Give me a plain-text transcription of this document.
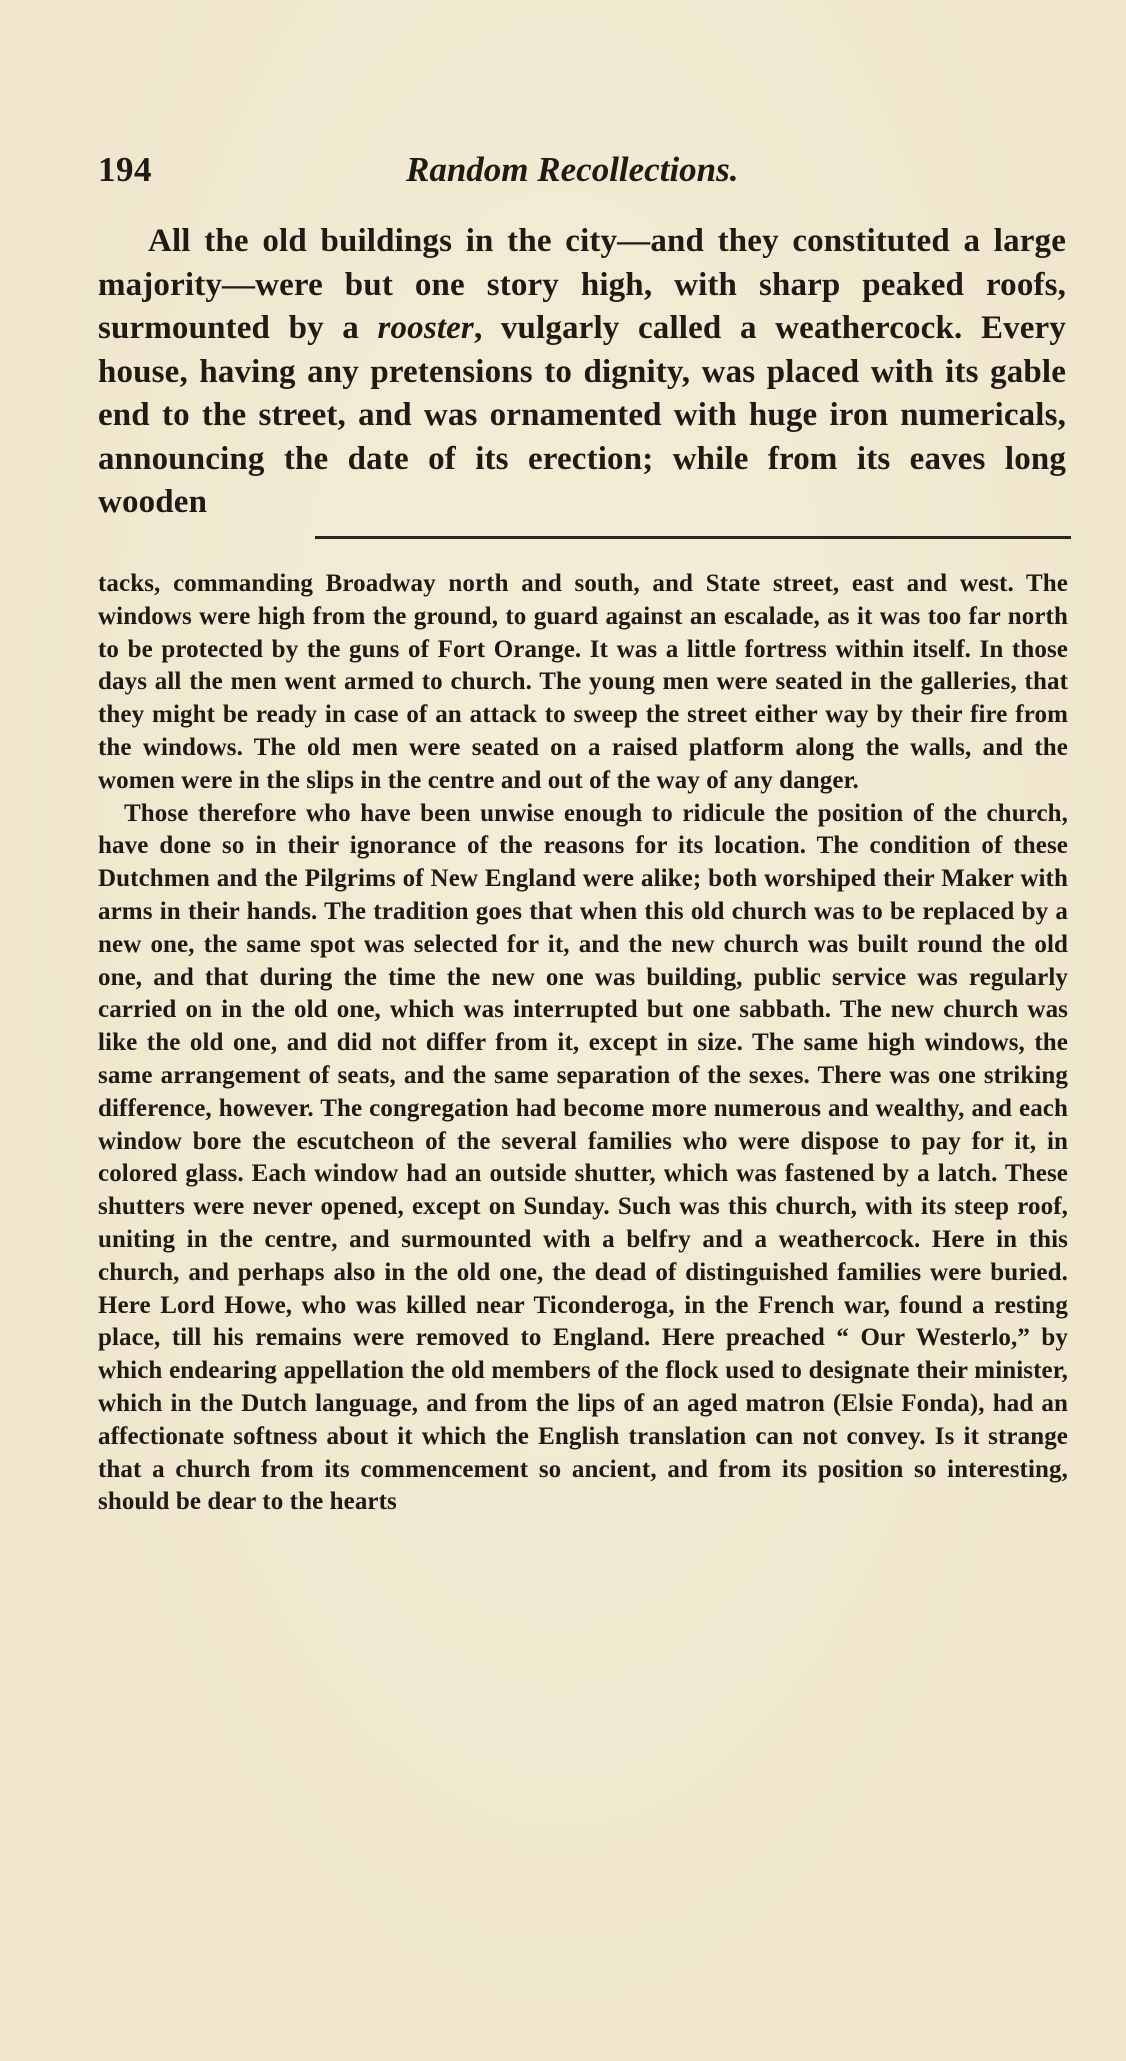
194	Random Recollections.

All the old buildings in the city—and they constituted a large majority—were but one story high, with sharp peaked roofs, surmounted by a rooster, vulgarly called a weathercock. Every house, having any pretensions to dignity, was placed with its gable end to the street, and was ornamented with huge iron numericals, announcing the date of its erection; while from its eaves long wooden

tacks, commanding Broadway north and south, and State street, east and west. The windows were high from the ground, to guard against an escalade, as it was too far north to be protected by the guns of Fort Orange. It was a little fortress within itself. In those days all the men went armed to church. The young men were seated in the galleries, that they might be ready in case of an attack to sweep the street either way by their fire from the windows. The old men were seated on a raised platform along the walls, and the women were in the slips in the centre and out of the way of any danger.

Those therefore who have been unwise enough to ridicule the position of the church, have done so in their ignorance of the reasons for its location. The condition of these Dutchmen and the Pilgrims of New England were alike; both worshiped their Maker with arms in their hands. The tradition goes that when this old church was to be replaced by a new one, the same spot was selected for it, and the new church was built round the old one, and that during the time the new one was building, public service was regularly carried on in the old one, which was interrupted but one sabbath. The new church was like the old one, and did not differ from it, except in size. The same high windows, the same arrangement of seats, and the same separation of the sexes. There was one striking difference, however. The congregation had become more numerous and wealthy, and each window bore the escutcheon of the several families who were dispose to pay for it, in colored glass. Each window had an outside shutter, which was fastened by a latch. These shutters were never opened, except on Sunday. Such was this church, with its steep roof, uniting in the centre, and surmounted with a belfry and a weathercock. Here in this church, and perhaps also in the old one, the dead of distinguished families were buried. Here Lord Howe, who was killed near Ticonderoga, in the French war, found a resting place, till his remains were removed to England. Here preached “ Our Westerlo,” by which endearing appellation the old members of the flock used to designate their minister, which in the Dutch language, and from the lips of an aged matron (Elsie Fonda), had an affectionate softness about it which the English translation can not convey. Is it strange that a church from its commencement so ancient, and from its position so interesting, should be dear to the hearts
